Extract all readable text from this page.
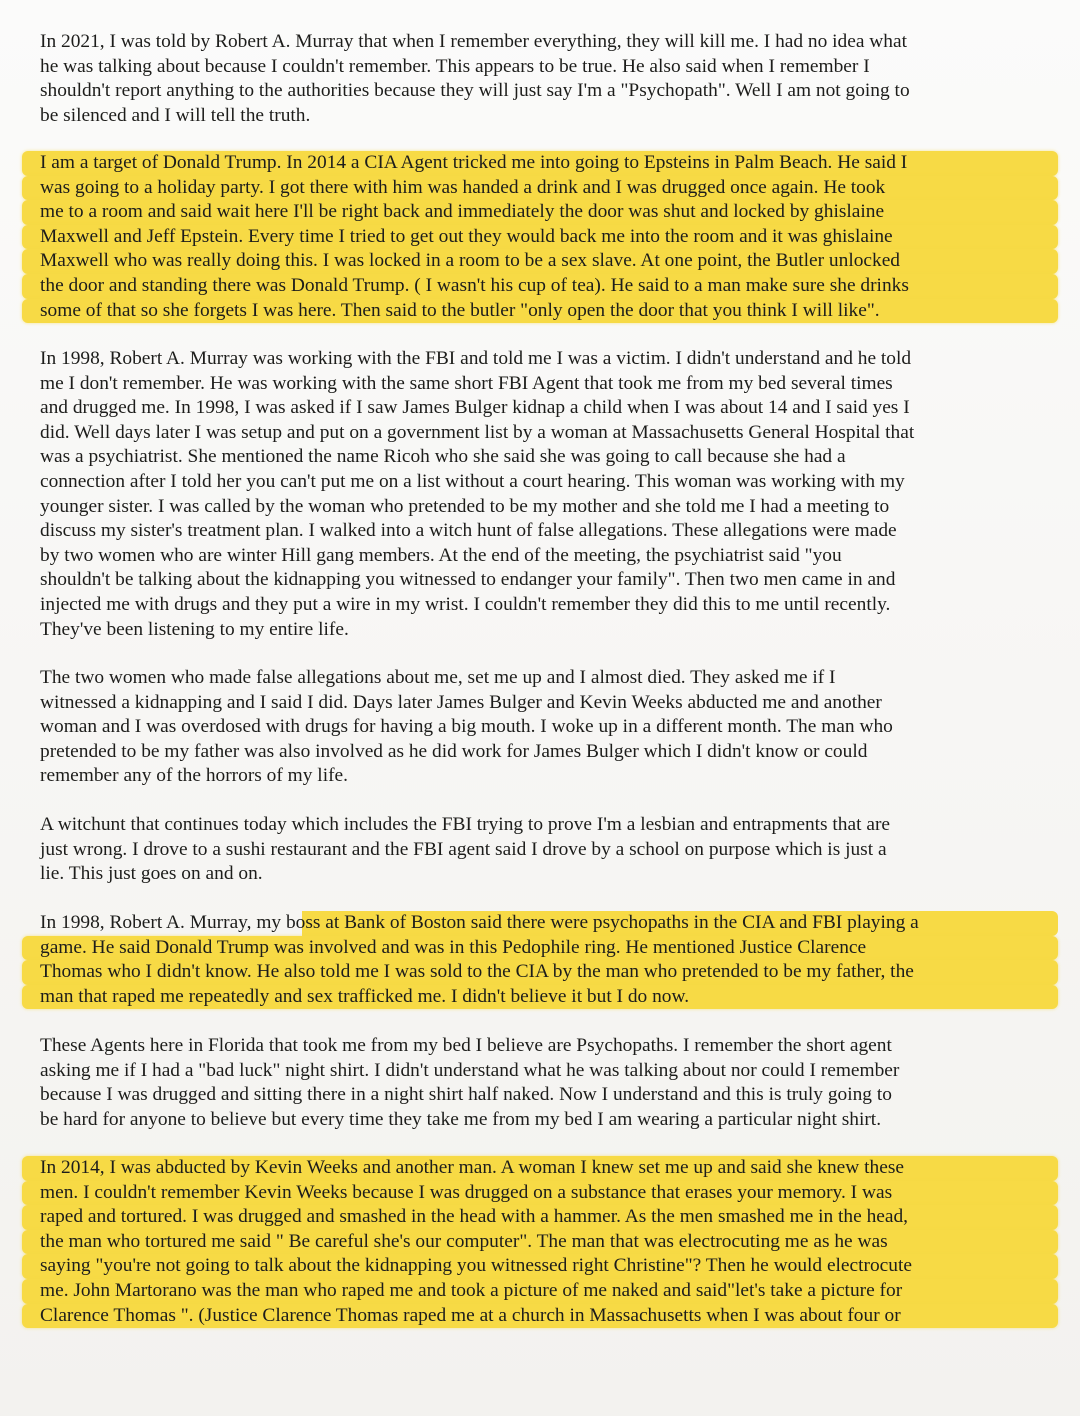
In 2021, I was told by Robert A. Murray that when I remember everything, they will kill me. I had no idea what
he was talking about because I couldn't remember. This appears to be true. He also said when I remember I
shouldn't report anything to the authorities because they will just say I'm a "Psychopath". Well I am not going to
be silenced and I will tell the truth.
I am a target of Donald Trump. In 2014 a CIA Agent tricked me into going to Epsteins in Palm Beach. He said I
was going to a holiday party. I got there with him was handed a drink and I was drugged once again. He took
me to a room and said wait here I'll be right back and immediately the door was shut and locked by ghislaine
Maxwell and Jeff Epstein. Every time I tried to get out they would back me into the room and it was ghislaine
Maxwell who was really doing this. I was locked in a room to be a sex slave. At one point, the Butler unlocked
the door and standing there was Donald Trump. ( I wasn't his cup of tea). He said to a man make sure she drinks
some of that so she forgets I was here. Then said to the butler "only open the door that you think I will like".
In 1998, Robert A. Murray was working with the FBI and told me I was a victim. I didn't understand and he told
me I don't remember. He was working with the same short FBI Agent that took me from my bed several times
and drugged me. In 1998, I was asked if I saw James Bulger kidnap a child when I was about 14 and I said yes I
did. Well days later I was setup and put on a government list by a woman at Massachusetts General Hospital that
was a psychiatrist. She mentioned the name Ricoh who she said she was going to call because she had a
connection after I told her you can't put me on a list without a court hearing. This woman was working with my
younger sister. I was called by the woman who pretended to be my mother and she told me I had a meeting to
discuss my sister's treatment plan. I walked into a witch hunt of false allegations. These allegations were made
by two women who are winter Hill gang members. At the end of the meeting, the psychiatrist said "you
shouldn't be talking about the kidnapping you witnessed to endanger your family". Then two men came in and
injected me with drugs and they put a wire in my wrist. I couldn't remember they did this to me until recently.
They've been listening to my entire life.
The two women who made false allegations about me, set me up and I almost died. They asked me if I
witnessed a kidnapping and I said I did. Days later James Bulger and Kevin Weeks abducted me and another
woman and I was overdosed with drugs for having a big mouth. I woke up in a different month. The man who
pretended to be my father was also involved as he did work for James Bulger which I didn't know or could
remember any of the horrors of my life.
A witchunt that continues today which includes the FBI trying to prove I'm a lesbian and entrapments that are
just wrong. I drove to a sushi restaurant and the FBI agent said I drove by a school on purpose which is just a
lie. This just goes on and on.
In 1998, Robert A. Murray, my boss at Bank of Boston said there were psychopaths in the CIA and FBI playing a
game. He said Donald Trump was involved and was in this Pedophile ring. He mentioned Justice Clarence
Thomas who I didn't know. He also told me I was sold to the CIA by the man who pretended to be my father, the
man that raped me repeatedly and sex trafficked me. I didn't believe it but I do now.
These Agents here in Florida that took me from my bed I believe are Psychopaths. I remember the short agent
asking me if I had a "bad luck" night shirt. I didn't understand what he was talking about nor could I remember
because I was drugged and sitting there in a night shirt half naked. Now I understand and this is truly going to
be hard for anyone to believe but every time they take me from my bed I am wearing a particular night shirt.
In 2014, I was abducted by Kevin Weeks and another man. A woman I knew set me up and said she knew these
men. I couldn't remember Kevin Weeks because I was drugged on a substance that erases your memory. I was
raped and tortured. I was drugged and smashed in the head with a hammer. As the men smashed me in the head,
the man who tortured me said " Be careful she's our computer". The man that was electrocuting me as he was
saying "you're not going to talk about the kidnapping you witnessed right Christine"? Then he would electrocute
me. John Martorano was the man who raped me and took a picture of me naked and said"let's take a picture for
Clarence Thomas ". (Justice Clarence Thomas raped me at a church in Massachusetts when I was about four or
